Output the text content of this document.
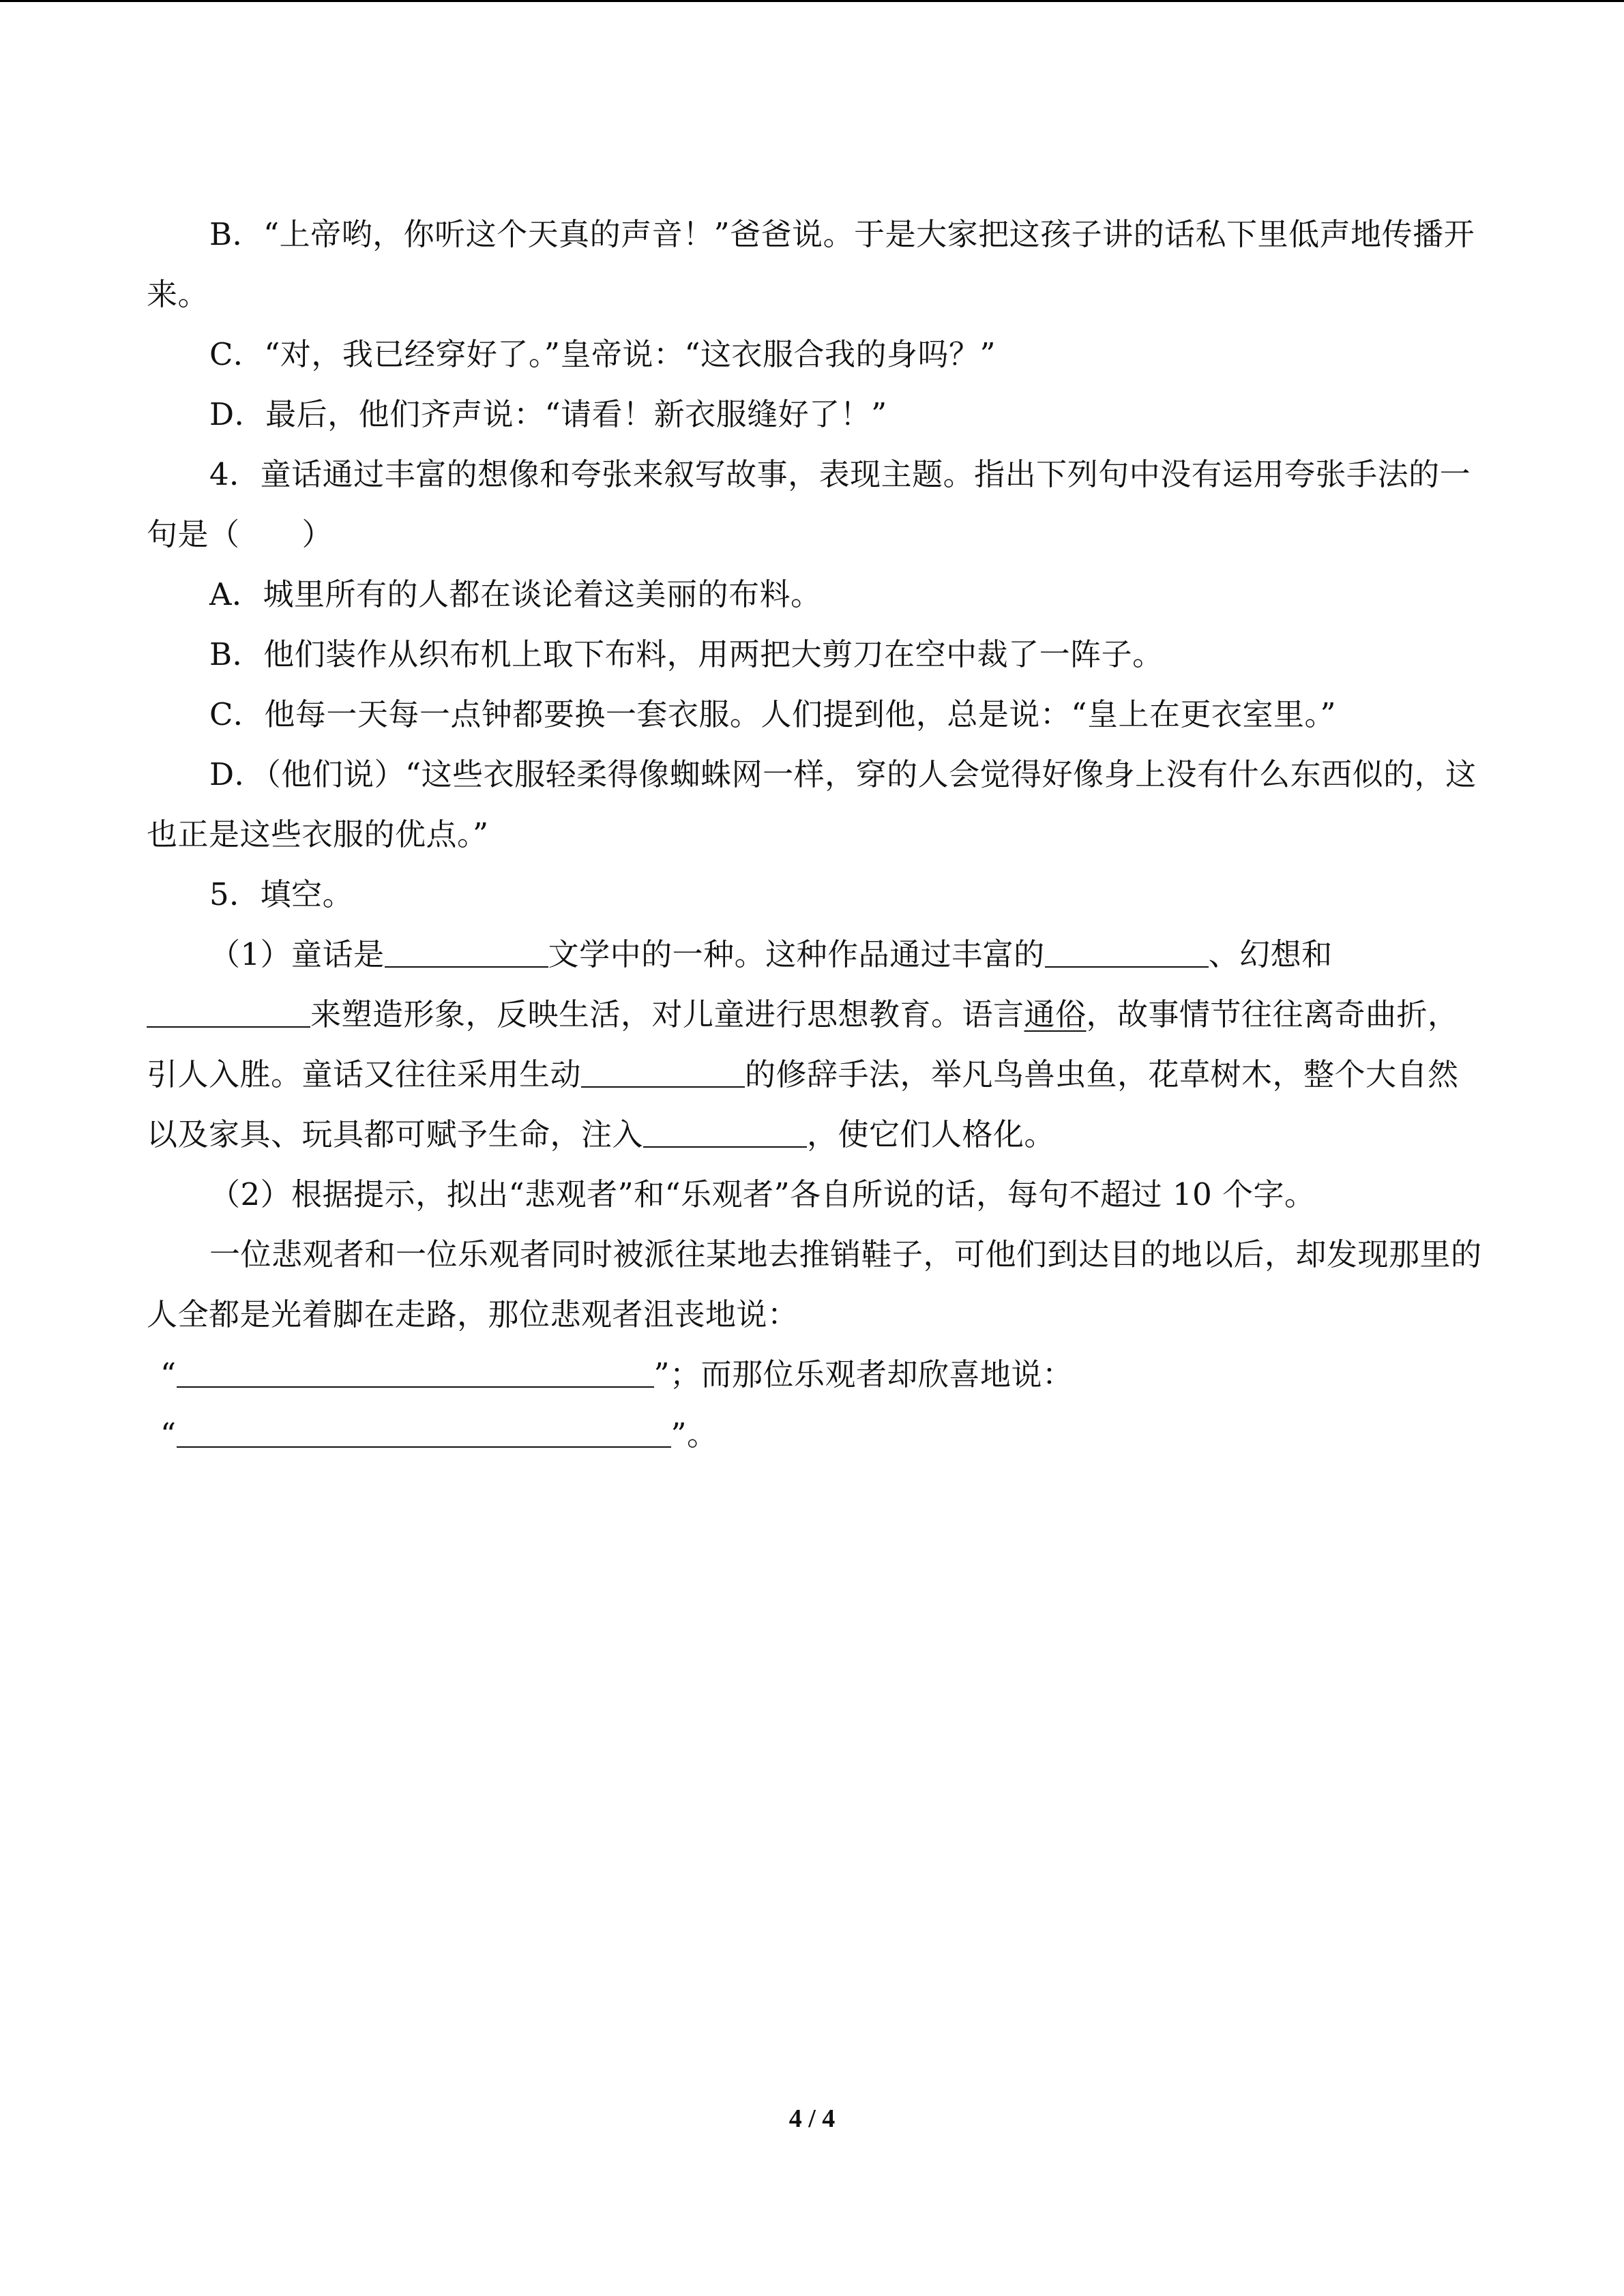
B．“上帝哟，你听这个天真的声音！”爸爸说。于是大家把这孩子讲的话私下里低声地传播开来。

C．“对，我已经穿好了。”皇帝说：“这衣服合我的身吗？”

D．最后，他们齐声说：“请看！新衣服缝好了！”

4．童话通过丰富的想像和夸张来叙写故事，表现主题。指出下列句中没有运用夸张手法的一句是（　　）

A．城里所有的人都在谈论着这美丽的布料。

B．他们装作从织布机上取下布料，用两把大剪刀在空中裁了一阵子。

C．他每一天每一点钟都要换一套衣服。人们提到他，总是说：“皇上在更衣室里。”

D．（他们说）“这些衣服轻柔得像蜘蛛网一样，穿的人会觉得好像身上没有什么东西似的，这也正是这些衣服的优点。”

5．填空。

（1）童话是	文学中的一种。这种作品通过丰富的	、幻想和来塑造形象，反映生活，对儿童进行思想教育。语言通俗，故事情节往往离奇曲折，引人入胜。童话又往往采用生动	的修辞手法，举凡鸟兽虫鱼，花草树木，整个大自然以及家具、玩具都可赋予生命，注入	，使它们人格化。

（2）根据提示，拟出“悲观者”和“乐观者”各自所说的话，每句不超过 10 个字。

一位悲观者和一位乐观者同时被派往某地去推销鞋子，可他们到达目的地以后，却发现那里的人全都是光着脚在走路，那位悲观者沮丧地说：

“	”；而那位乐观者却欣喜地说：
“	”。
4 / 4
